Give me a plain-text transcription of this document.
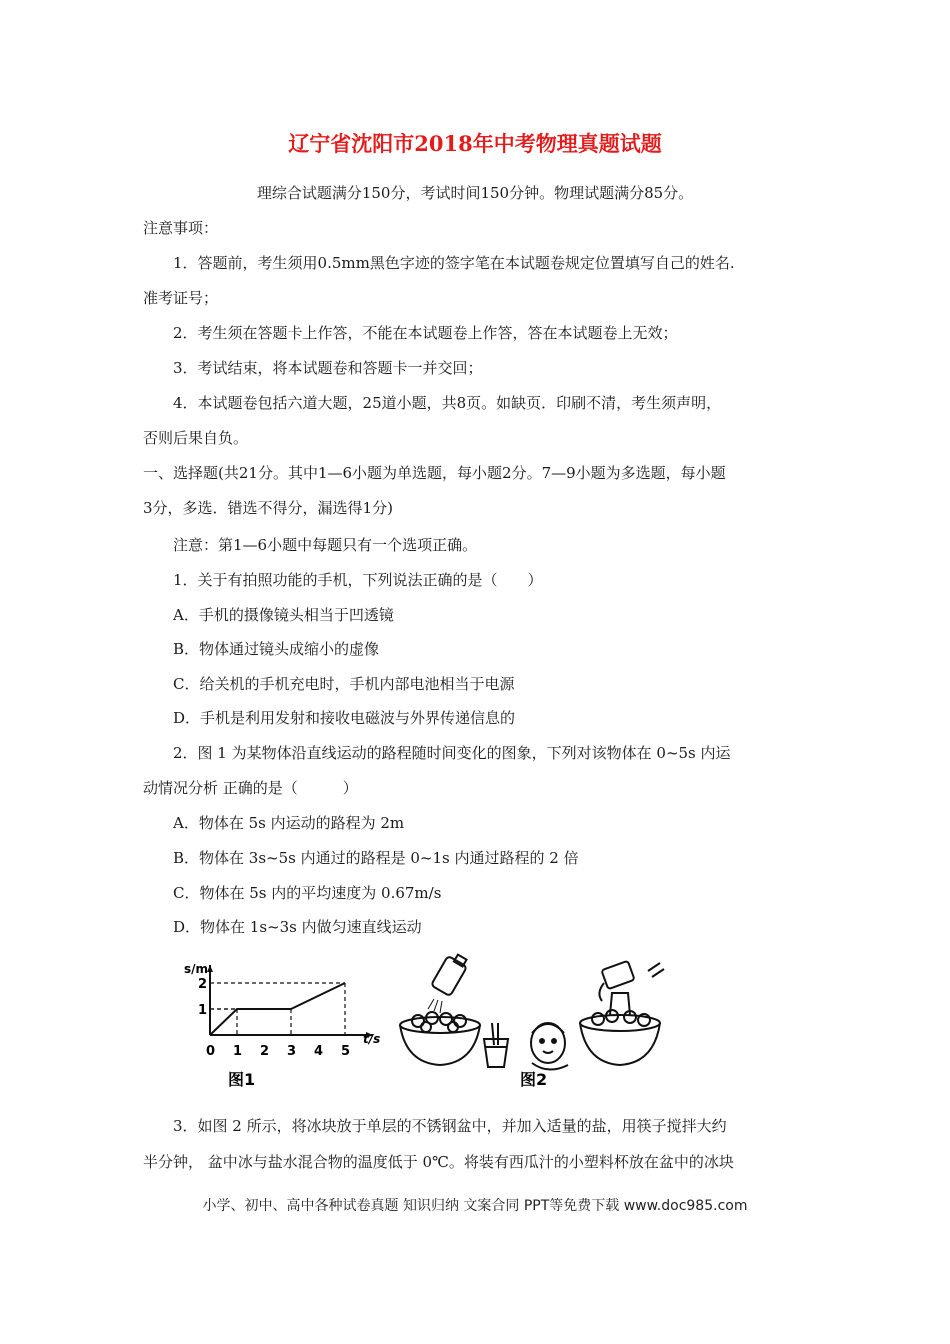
辽宁省沈阳市2018年中考物理真题试题
理综合试题满分150分，考试时间150分钟。物理试题满分85分。
注意事项：
1．答题前，考生须用0.5mm黑色字迹的签字笔在本试题卷规定位置填写自己的姓名.
准考证号；
2．考生须在答题卡上作答，不能在本试题卷上作答，答在本试题卷上无效；
3．考试结束，将本试题卷和答题卡一并交回；
4．本试题卷包括六道大题，25道小题，共8页。如缺页．印刷不清，考生须声明，
否则后果自负。
一、选择题(共21分。其中1—6小题为单选题，每小题2分。7—9小题为多选题，每小题
3分，多选．错选不得分，漏选得1分)
注意：第1—6小题中每题只有一个选项正确。
1．关于有拍照功能的手机，下列说法正确的是（　　）
A．手机的摄像镜头相当于凹透镜
B．物体通过镜头成缩小的虚像
C．给关机的手机充电时，手机内部电池相当于电源
D．手机是利用发射和接收电磁波与外界传递信息的
2．图 1 为某物体沿直线运动的路程随时间变化的图象，下列对该物体在 0~5s 内运
动情况分析 正确的是（　　　）
A．物体在 5s 内运动的路程为 2m
B．物体在 3s~5s 内通过的路程是 0~1s 内通过路程的 2 倍
C．物体在 5s 内的平均速度为 0.67m/s
D．物体在 1s~3s 内做匀速直线运动
s/m
t/s
0 1 2 3 4 5
1
2
图1	图2
3．如图 2 所示，将冰块放于单层的不锈钢盆中，并加入适量的盐，用筷子搅拌大约
半分钟， 盆中冰与盐水混合物的温度低于 0℃。将装有西瓜汁的小塑料杯放在盆中的冰块
小学、初中、高中各种试卷真题 知识归纳 文案合同 PPT等免费下载 www.doc985.com
